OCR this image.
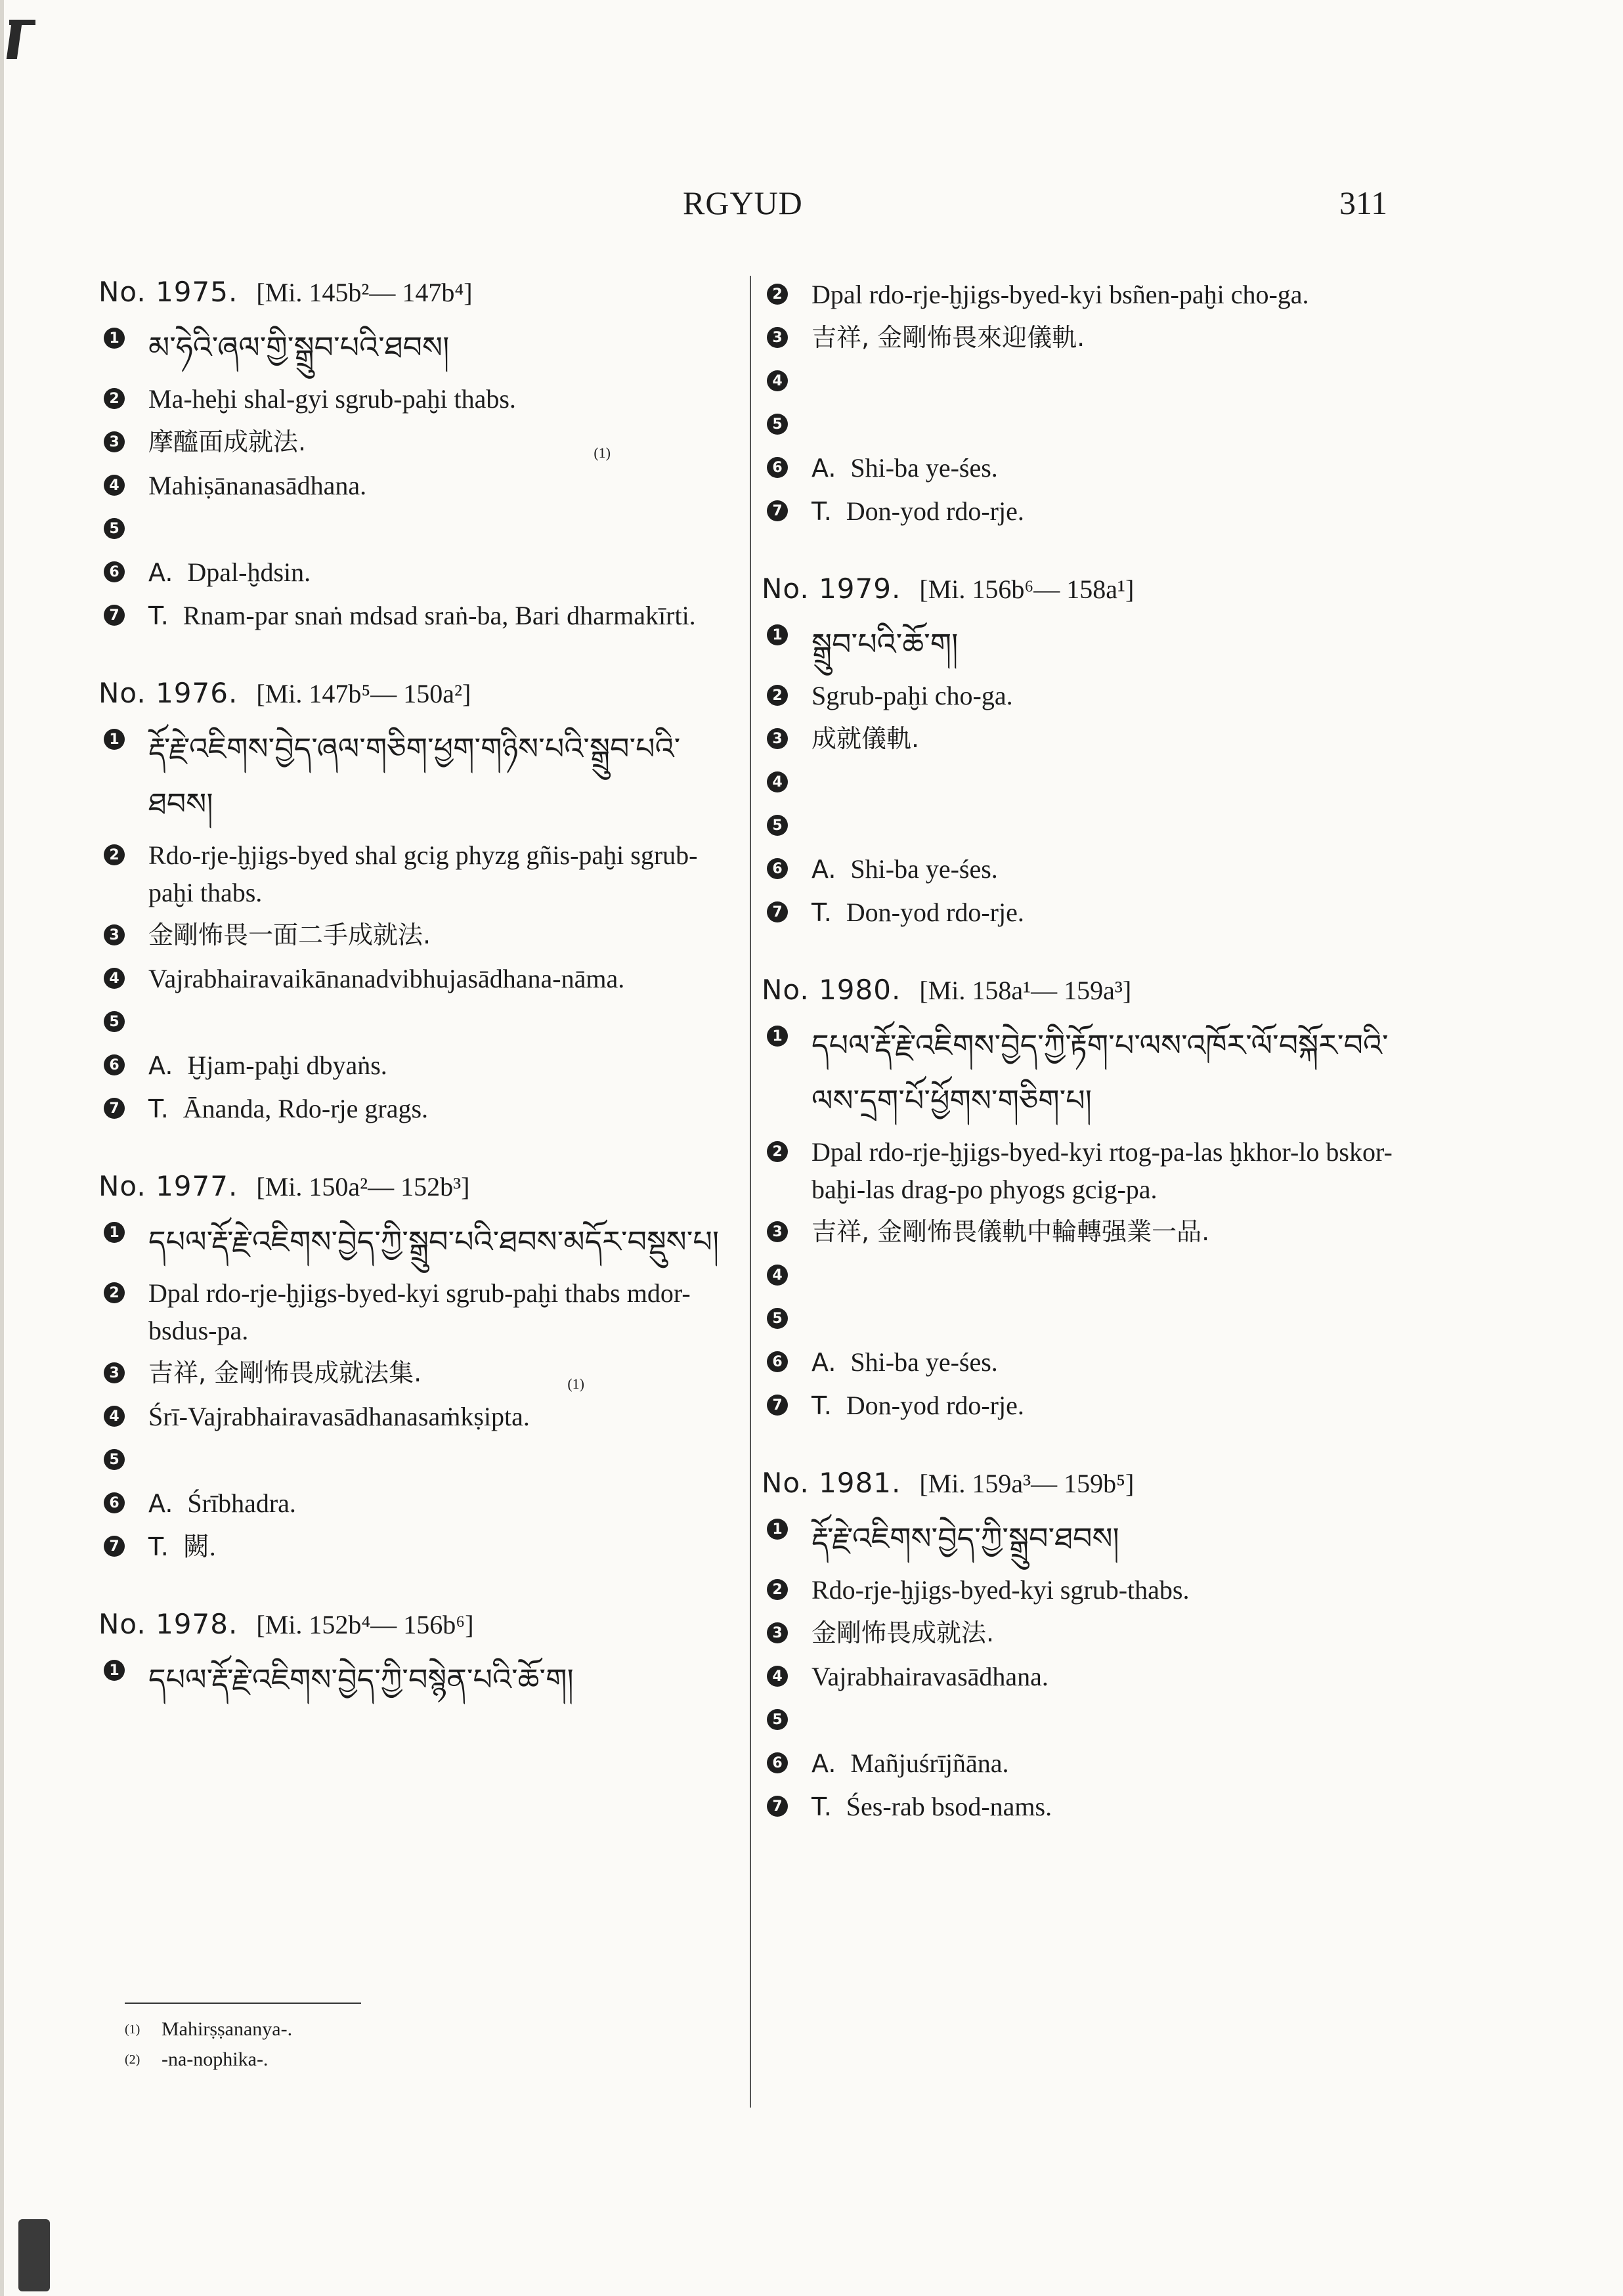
RGYUD	311
No. 1975. [Mi. 145b²— 147b⁴]
1 མ་ཧེའི་ཞལ་གྱི་སྒྲུབ་པའི་ཐབས།
2 Ma-heḫi shal-gyi sgrub-paḫi thabs.
3 摩醯面成就法.
4 Mahiṣānanasādhana.
(1)
5
6 A. Dpal-ḫdsin.
7 T. Rnam-par snaṅ mdsad sraṅ-ba, Bari dharmakīrti.
No. 1976. [Mi. 147b⁵— 150a²]
1 རྡོ་རྗེ་འཇིགས་བྱེད་ཞལ་གཅིག་ཕྱག་གཉིས་པའི་སྒྲུབ་པའི་ཐབས།
2 Rdo-rje-ḫjigs-byed shal gcig phyzg gñis-paḫi sgrub-paḫi thabs.
3 金剛怖畏一面二手成就法.
4 Vajrabhairavaikānanadvibhujasādhana-nāma.
5
6 A. Ḫjam-paḫi dbyaṅs.
7 T. Ānanda, Rdo-rje grags.
No. 1977. [Mi. 150a²— 152b³]
1 དཔལ་རྡོ་རྗེ་འཇིགས་བྱེད་ཀྱི་སྒྲུབ་པའི་ཐབས་མདོར་བསྡུས་པ།
2 Dpal rdo-rje-ḫjigs-byed-kyi sgrub-paḫi thabs mdor-bsdus-pa.
3 吉祥, 金剛怖畏成就法集.
4 Śrī-Vajrabhairavasādhanasaṁkṣipta.
(1)
5
6 A. Śrībhadra.
7 T. 闕.
No. 1978. [Mi. 152b⁴— 156b⁶]
1 དཔལ་རྡོ་རྗེ་འཇིགས་བྱེད་ཀྱི་བསྙེན་པའི་ཆོ་ག།
2 Dpal rdo-rje-ḫjigs-byed-kyi bsñen-paḫi cho-ga.
3 吉祥, 金剛怖畏來迎儀軌.
4
5
6 A. Shi-ba ye-śes.
7 T. Don-yod rdo-rje.
No. 1979. [Mi. 156b⁶— 158a¹]
1 སྒྲུབ་པའི་ཆོ་ག།
2 Sgrub-paḫi cho-ga.
3 成就儀軌.
4
5
6 A. Shi-ba ye-śes.
7 T. Don-yod rdo-rje.
No. 1980. [Mi. 158a¹— 159a³]
1 དཔལ་རྡོ་རྗེ་འཇིགས་བྱེད་ཀྱི་རྟོག་པ་ལས་འཁོར་ལོ་བསྐོར་བའི་ལས་དྲག་པོ་ཕྱོགས་གཅིག་པ།
2 Dpal rdo-rje-ḫjigs-byed-kyi rtog-pa-las ḫkhor-lo bskor-baḫi-las drag-po phyogs gcig-pa.
3 吉祥, 金剛怖畏儀軌中輪轉强業一品.
4
5
6 A. Shi-ba ye-śes.
7 T. Don-yod rdo-rje.
No. 1981. [Mi. 159a³— 159b⁵]
1 རྡོ་རྗེ་འཇིགས་བྱེད་ཀྱི་སྒྲུབ་ཐབས།
2 Rdo-rje-ḫjigs-byed-kyi sgrub-thabs.
3 金剛怖畏成就法.
4 Vajrabhairavasādhana.
5
6 A. Mañjuśrījñāna.
7 T. Śes-rab bsod-nams.
(1)	Mahirṣṣananya-.
(2)	-na-nophika-.
